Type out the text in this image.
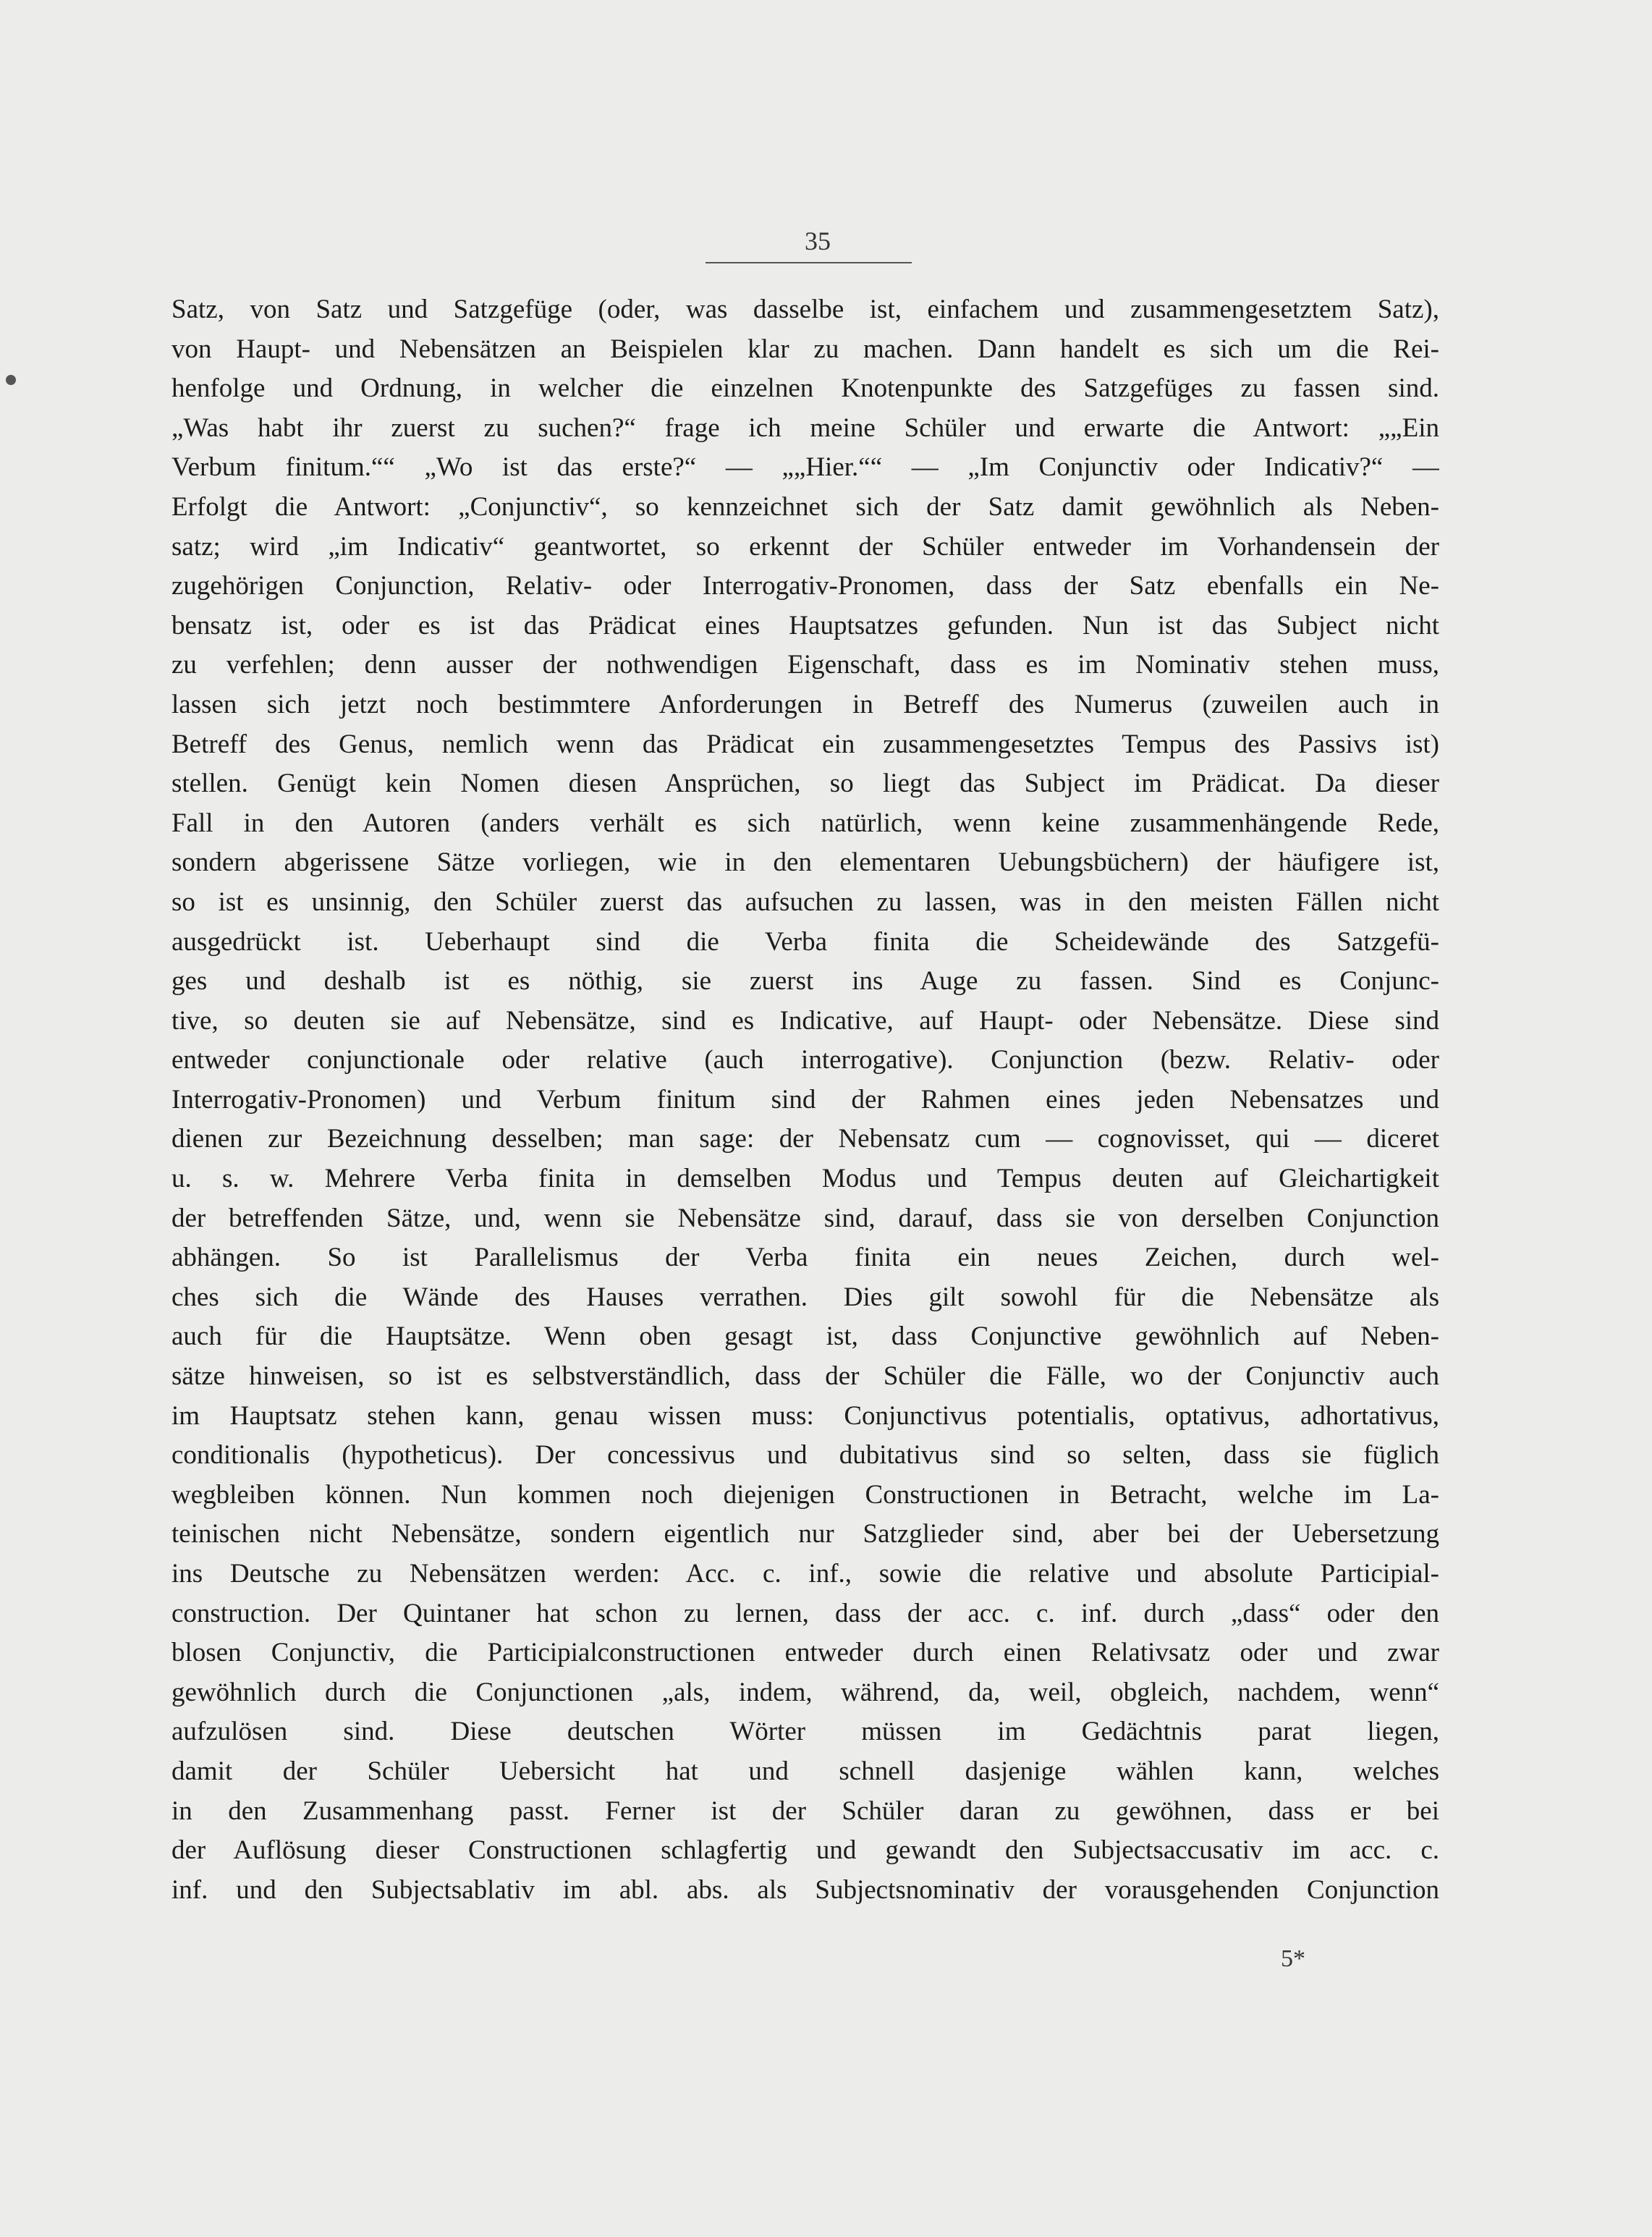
35
Satz, von Satz und Satzgefüge (oder, was dasselbe ist, einfachem und zusammengesetztem Satz),
von Haupt- und Nebensätzen an Beispielen klar zu machen. Dann handelt es sich um die Rei-
henfolge und Ordnung, in welcher die einzelnen Knotenpunkte des Satzgefüges zu fassen sind.
„Was habt ihr zuerst zu suchen?“ frage ich meine Schüler und erwarte die Antwort: „„Ein
Verbum finitum.““ „Wo ist das erste?“ — „„Hier.““ — „Im Conjunctiv oder Indicativ?“ —
Erfolgt die Antwort: „Conjunctiv“, so kennzeichnet sich der Satz damit gewöhnlich als Neben-
satz; wird „im Indicativ“ geantwortet, so erkennt der Schüler entweder im Vorhandensein der
zugehörigen Conjunction, Relativ- oder Interrogativ-Pronomen, dass der Satz ebenfalls ein Ne-
bensatz ist, oder es ist das Prädicat eines Hauptsatzes gefunden. Nun ist das Subject nicht
zu verfehlen; denn ausser der nothwendigen Eigenschaft, dass es im Nominativ stehen muss,
lassen sich jetzt noch bestimmtere Anforderungen in Betreff des Numerus (zuweilen auch in
Betreff des Genus, nemlich wenn das Prädicat ein zusammengesetztes Tempus des Passivs ist)
stellen. Genügt kein Nomen diesen Ansprüchen, so liegt das Subject im Prädicat. Da dieser
Fall in den Autoren (anders verhält es sich natürlich, wenn keine zusammenhängende Rede,
sondern abgerissene Sätze vorliegen, wie in den elementaren Uebungsbüchern) der häufigere ist,
so ist es unsinnig, den Schüler zuerst das aufsuchen zu lassen, was in den meisten Fällen nicht
ausgedrückt ist. Ueberhaupt sind die Verba finita die Scheidewände des Satzgefü-
ges und deshalb ist es nöthig, sie zuerst ins Auge zu fassen. Sind es Conjunc-
tive, so deuten sie auf Nebensätze, sind es Indicative, auf Haupt- oder Nebensätze. Diese sind
entweder conjunctionale oder relative (auch interrogative). Conjunction (bezw. Relativ- oder
Interrogativ-Pronomen) und Verbum finitum sind der Rahmen eines jeden Nebensatzes und
dienen zur Bezeichnung desselben; man sage: der Nebensatz cum — cognovisset, qui — diceret
u. s. w. Mehrere Verba finita in demselben Modus und Tempus deuten auf Gleichartigkeit
der betreffenden Sätze, und, wenn sie Nebensätze sind, darauf, dass sie von derselben Conjunction
abhängen. So ist Parallelismus der Verba finita ein neues Zeichen, durch wel-
ches sich die Wände des Hauses verrathen. Dies gilt sowohl für die Nebensätze als
auch für die Hauptsätze. Wenn oben gesagt ist, dass Conjunctive gewöhnlich auf Neben-
sätze hinweisen, so ist es selbstverständlich, dass der Schüler die Fälle, wo der Conjunctiv auch
im Hauptsatz stehen kann, genau wissen muss: Conjunctivus potentialis, optativus, adhortativus,
conditionalis (hypotheticus). Der concessivus und dubitativus sind so selten, dass sie füglich
wegbleiben können. Nun kommen noch diejenigen Constructionen in Betracht, welche im La-
teinischen nicht Nebensätze, sondern eigentlich nur Satzglieder sind, aber bei der Uebersetzung
ins Deutsche zu Nebensätzen werden: Acc. c. inf., sowie die relative und absolute Participial-
construction. Der Quintaner hat schon zu lernen, dass der acc. c. inf. durch „dass“ oder den
blosen Conjunctiv, die Participialconstructionen entweder durch einen Relativsatz oder und zwar
gewöhnlich durch die Conjunctionen „als, indem, während, da, weil, obgleich, nachdem, wenn“
aufzulösen sind. Diese deutschen Wörter müssen im Gedächtnis parat liegen,
damit der Schüler Uebersicht hat und schnell dasjenige wählen kann, welches
in den Zusammenhang passt. Ferner ist der Schüler daran zu gewöhnen, dass er bei
der Auflösung dieser Constructionen schlagfertig und gewandt den Subjectsaccusativ im acc. c.
inf. und den Subjectsablativ im abl. abs. als Subjectsnominativ der vorausgehenden Conjunction
5*
